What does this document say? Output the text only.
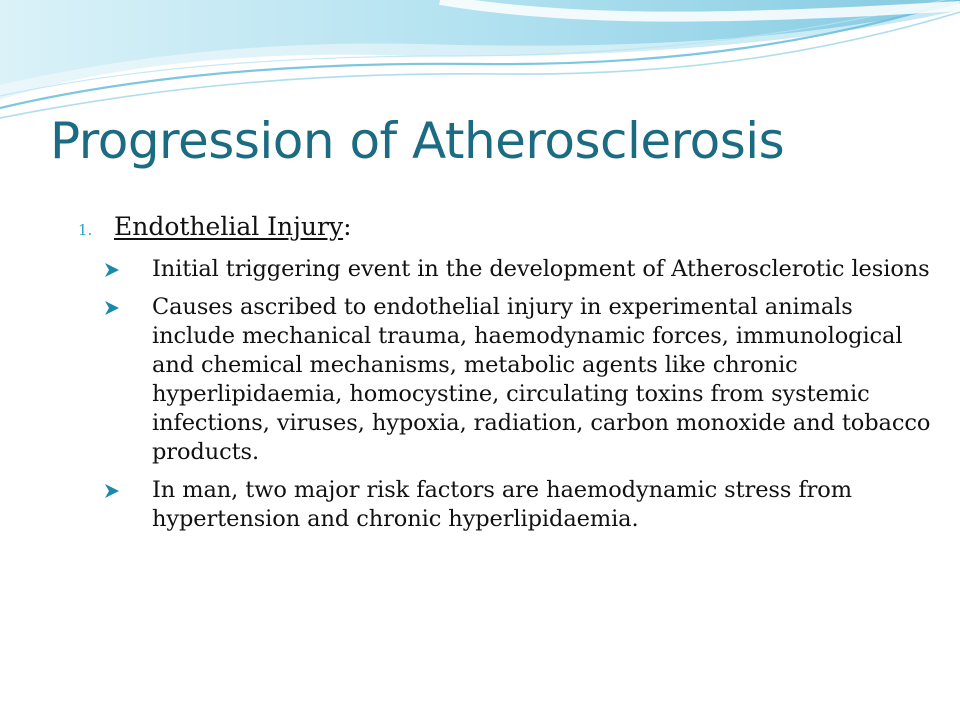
Progression of Atherosclerosis
1. Endothelial Injury:
Initial triggering event in the development of Atherosclerotic lesions
Causes ascribed to endothelial injury in experimental animals include mechanical trauma, haemodynamic forces, immunological and chemical mechanisms, metabolic agents like chronic hyperlipidaemia, homocystine, circulating toxins from systemic infections, viruses, hypoxia, radiation, carbon monoxide and tobacco products.
In man, two major risk factors are haemodynamic stress from hypertension and chronic hyperlipidaemia.
